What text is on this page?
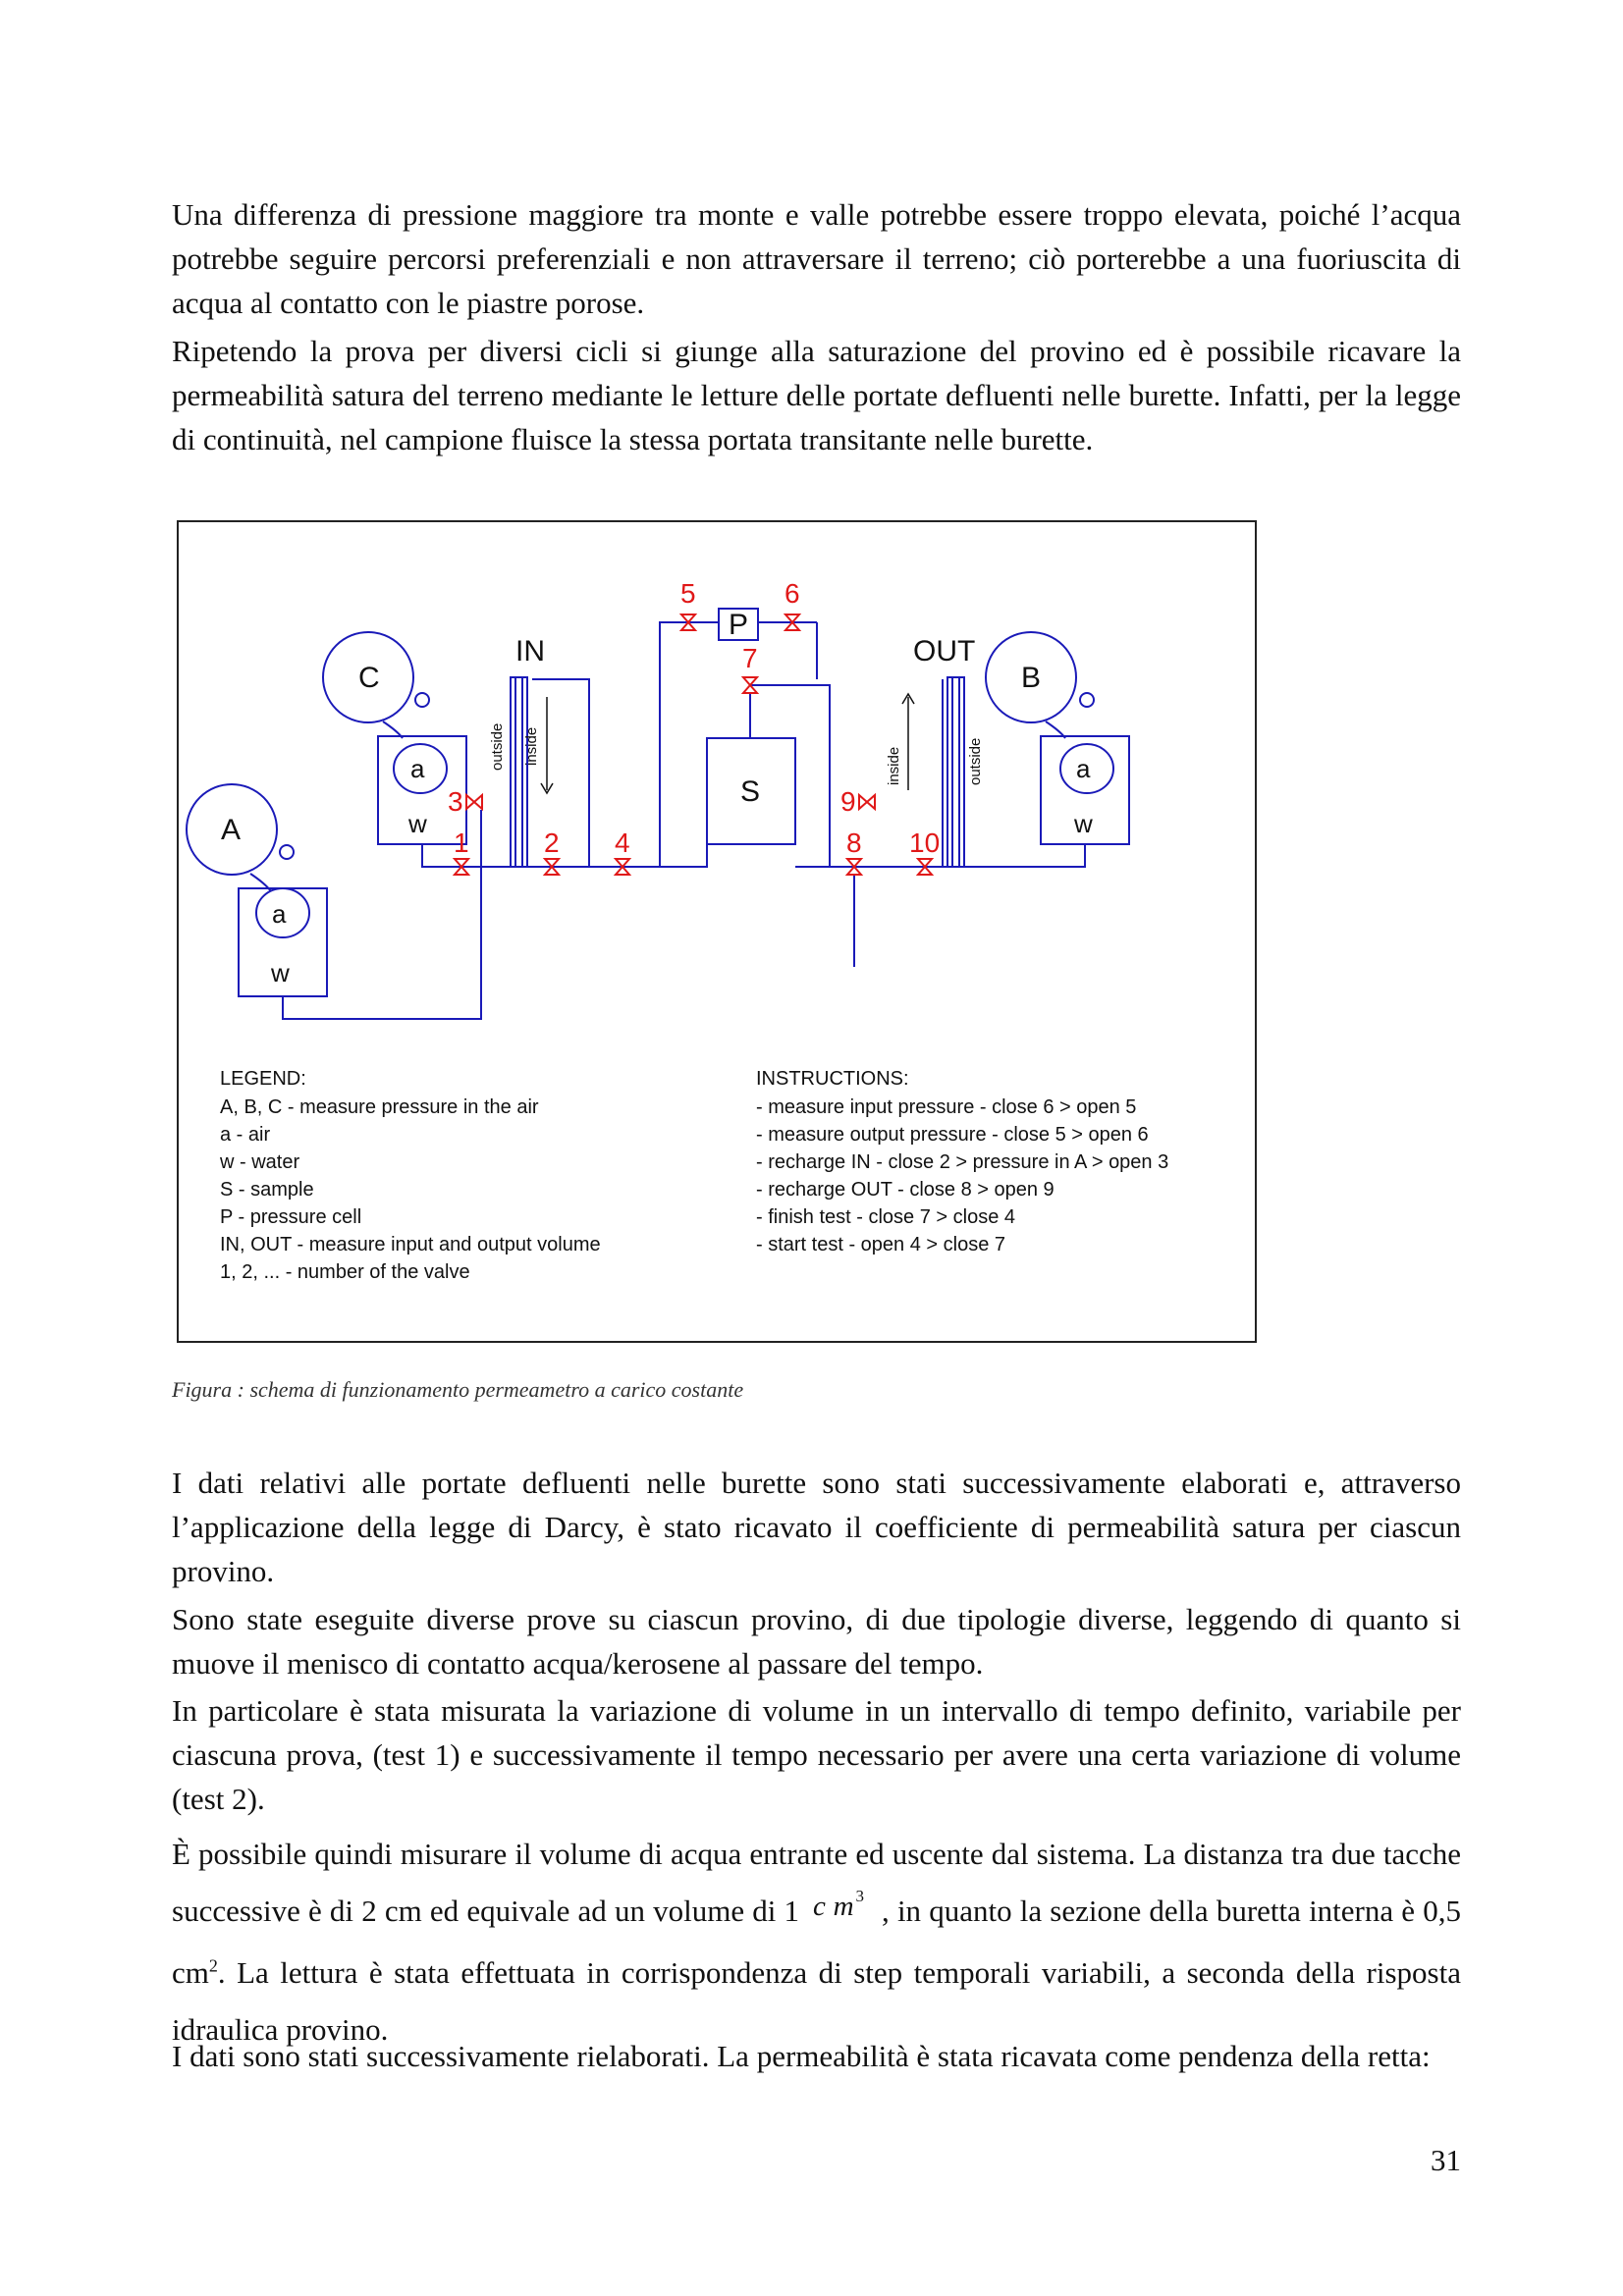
Una differenza di pressione maggiore tra monte e valle potrebbe essere troppo elevata, poiché l’acqua potrebbe seguire percorsi preferenziali e non attraversare il terreno; ciò porterebbe a una fuoriuscita di acqua al contatto con le piastre porose.

Ripetendo la prova per diversi cicli si giunge alla saturazione del provino ed è possibile ricavare la permeabilità satura del terreno mediante le letture delle portate defluenti nelle burette. Infatti, per la legge di continuità, nel campione fluisce la stessa portata transitante nelle burette.

C
A
B
S
P
IN	OUT
a
a
a
w
w
w
outside inside
inside	outside
1	2
3
4
5	6
7
8
9
10
LEGEND:
A, B, C - measure pressure in the air
a - air
w - water
S - sample
P - pressure cell
IN, OUT - measure input and output volume
1, 2, ... - number of the valve
INSTRUCTIONS:
- measure input pressure - close 6 > open 5
- measure output pressure - close 5 > open 6
- recharge IN - close 2 > pressure in A > open 3
- recharge OUT - close 8 > open 9
- finish test - close 7 > close 4
- start test - open 4 > close 7

Figura : schema di funzionamento permeametro a carico costante

I dati relativi alle portate defluenti nelle burette sono stati successivamente elaborati e, attraverso l’applicazione della legge di Darcy, è stato ricavato il coefficiente di permeabilità satura per ciascun provino.

Sono state eseguite diverse prove su ciascun provino, di due tipologie diverse, leggendo di quanto si muove il menisco di contatto acqua/kerosene al passare del tempo.

In particolare è stata misurata la variazione di volume in un intervallo di tempo definito, variabile per ciascuna prova, (test 1) e successivamente il tempo necessario per avere una certa variazione di volume (test 2).

È possibile quindi misurare il volume di acqua entrante ed uscente dal sistema. La distanza tra due tacche successive è di 2 cm ed equivale ad un volume di 1 c m $^3$ , in quanto la sezione della buretta interna è 0,5 $cm^2$. La lettura è stata effettuata in corrispondenza di step temporali variabili, a seconda della risposta idraulica provino.

I dati sono stati successivamente rielaborati. La permeabilità è stata ricavata come pendenza della retta:

31
